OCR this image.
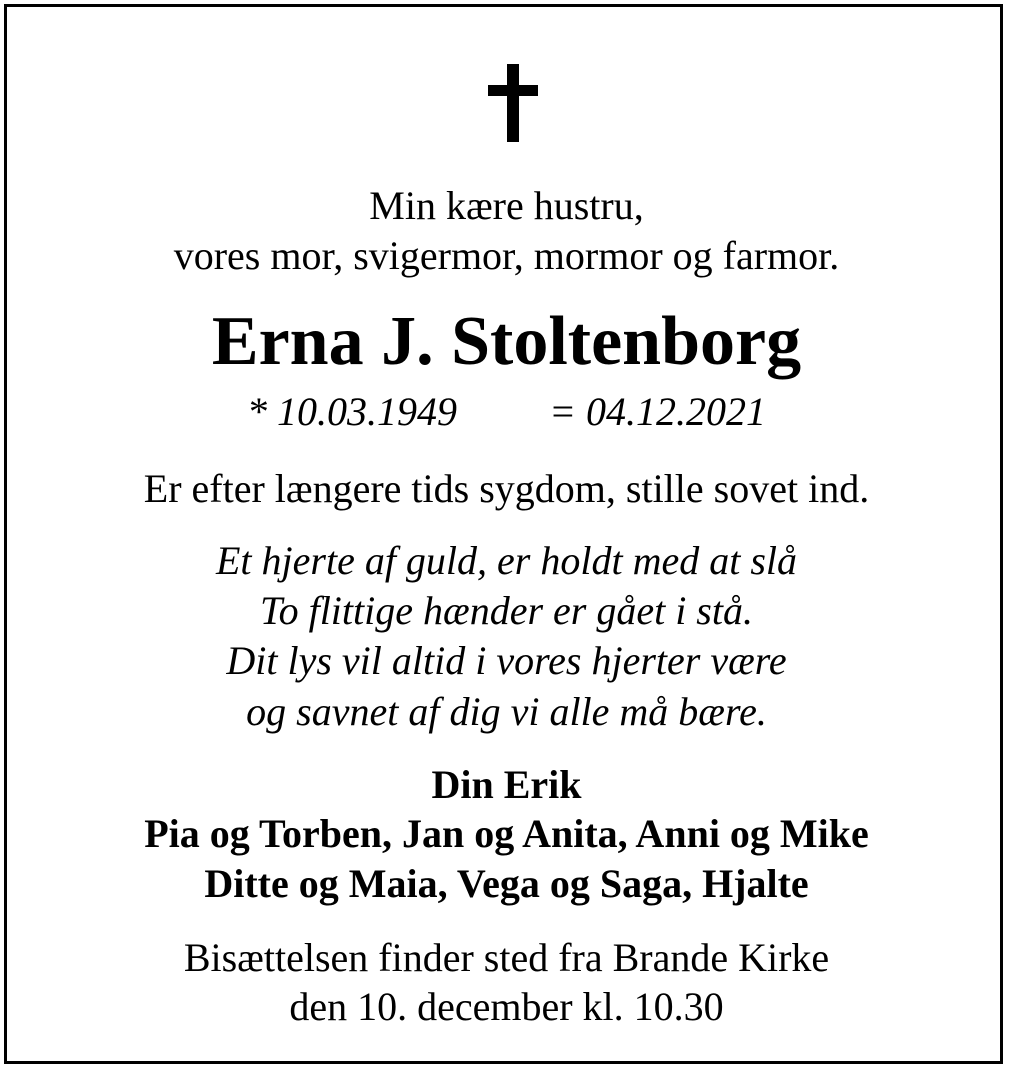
Min kære hustru,
vores mor, svigermor, mormor og farmor.
Erna J. Stoltenborg
* 10.03.1949 = 04.12.2021
Er efter længere tids sygdom, stille sovet ind.
Et hjerte af guld, er holdt med at slå
To flittige hænder er gået i stå.
Dit lys vil altid i vores hjerter være
og savnet af dig vi alle må bære.
Din Erik
Pia og Torben, Jan og Anita, Anni og Mike
Ditte og Maia, Vega og Saga, Hjalte
Bisættelsen finder sted fra Brande Kirke
den 10. december kl. 10.30
